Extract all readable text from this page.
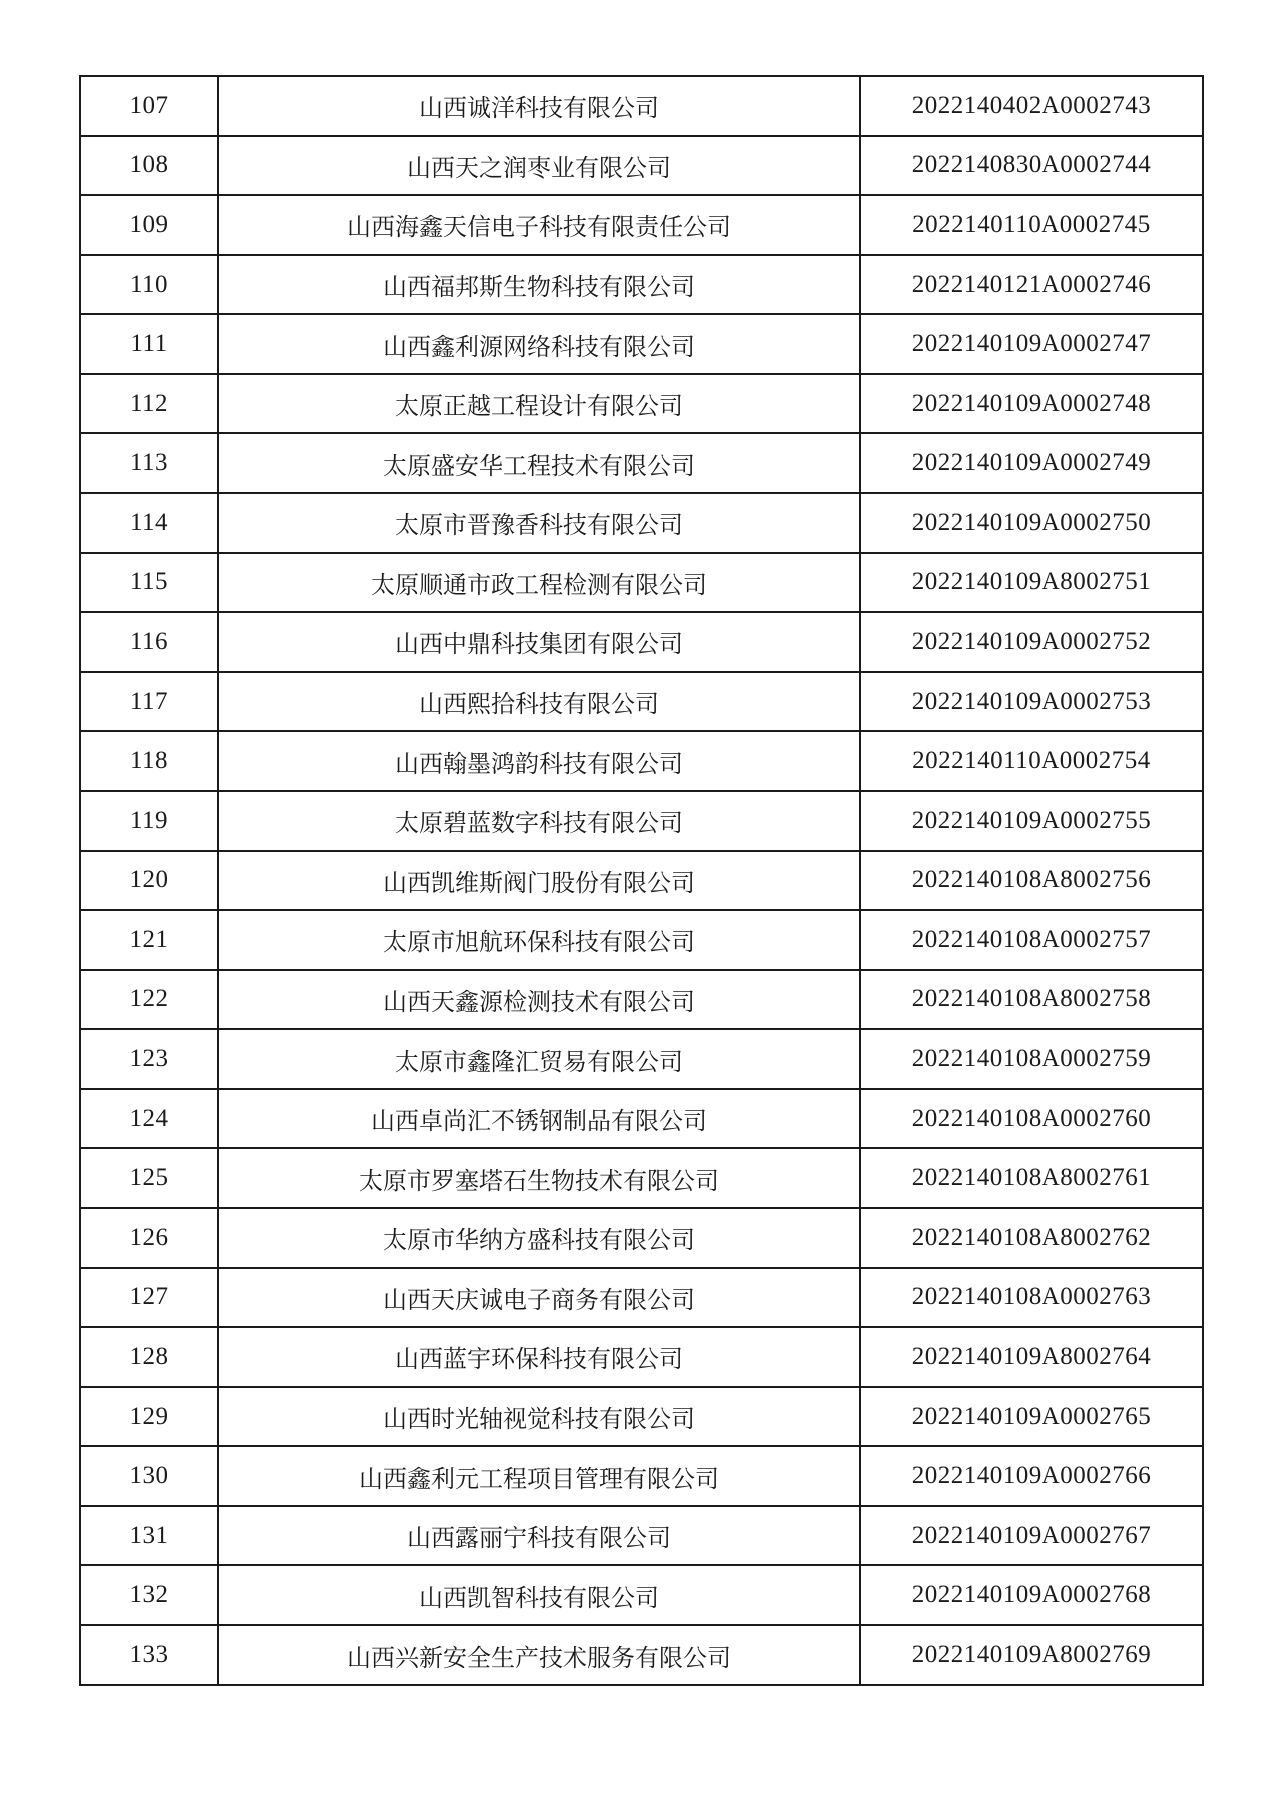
107	山西诚洋科技有限公司	2022140402A0002743
108	山西天之润枣业有限公司	2022140830A0002744
109	山西海鑫天信电子科技有限责任公司	2022140110A0002745
110	山西福邦斯生物科技有限公司	2022140121A0002746
111	山西鑫利源网络科技有限公司	2022140109A0002747
112	太原正越工程设计有限公司	2022140109A0002748
113	太原盛安华工程技术有限公司	2022140109A0002749
114	太原市晋豫香科技有限公司	2022140109A0002750
115	太原顺通市政工程检测有限公司	2022140109A8002751
116	山西中鼎科技集团有限公司	2022140109A0002752
117	山西熙拾科技有限公司	2022140109A0002753
118	山西翰墨鸿韵科技有限公司	2022140110A0002754
119	太原碧蓝数字科技有限公司	2022140109A0002755
120	山西凯维斯阀门股份有限公司	2022140108A8002756
121	太原市旭航环保科技有限公司	2022140108A0002757
122	山西天鑫源检测技术有限公司	2022140108A8002758
123	太原市鑫隆汇贸易有限公司	2022140108A0002759
124	山西卓尚汇不锈钢制品有限公司	2022140108A0002760
125	太原市罗塞塔石生物技术有限公司	2022140108A8002761
126	太原市华纳方盛科技有限公司	2022140108A8002762
127	山西天庆诚电子商务有限公司	2022140108A0002763
128	山西蓝宇环保科技有限公司	2022140109A8002764
129	山西时光轴视觉科技有限公司	2022140109A0002765
130	山西鑫利元工程项目管理有限公司	2022140109A0002766
131	山西露丽宁科技有限公司	2022140109A0002767
132	山西凯智科技有限公司	2022140109A0002768
133	山西兴新安全生产技术服务有限公司	2022140109A8002769
